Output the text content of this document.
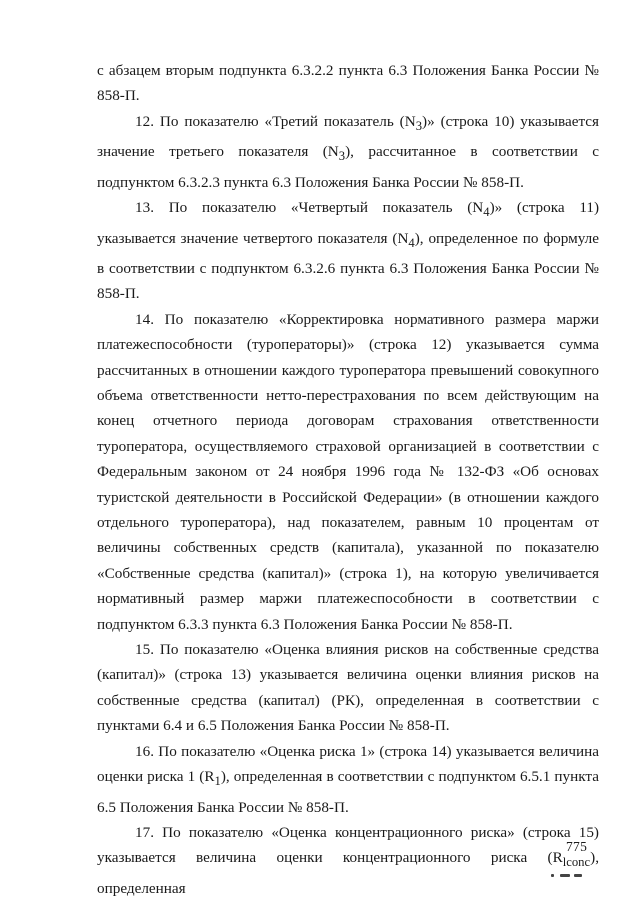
с абзацем вторым подпункта 6.3.2.2 пункта 6.3 Положения Банка России № 858-П.

12. По показателю «Третий показатель $(N_3)$» (строка 10) указывается значение третьего показателя $(N_3)$, рассчитанное в соответствии с подпунктом 6.3.2.3 пункта 6.3 Положения Банка России № 858-П.

13. По показателю «Четвертый показатель $(N_4)$» (строка 11) указывается значение четвертого показателя $(N_4)$, определенное по формуле в соответствии с подпунктом 6.3.2.6 пункта 6.3 Положения Банка России № 858-П.

14. По показателю «Корректировка нормативного размера маржи платежеспособности (туроператоры)» (строка 12) указывается сумма рассчитанных в отношении каждого туроператора превышений совокупного объема ответственности нетто-перестрахования по всем действующим на конец отчетного периода договорам страхования ответственности туроператора, осуществляемого страховой организацией в соответствии с Федеральным законом от 24 ноября 1996 года № 132-ФЗ «Об основах туристской деятельности в Российской Федерации» (в отношении каждого отдельного туроператора), над показателем, равным 10 процентам от величины собственных средств (капитала), указанной по показателю «Собственные средства (капитал)» (строка 1), на которую увеличивается нормативный размер маржи платежеспособности в соответствии с подпунктом 6.3.3 пункта 6.3 Положения Банка России № 858-П.

15. По показателю «Оценка влияния рисков на собственные средства (капитал)» (строка 13) указывается величина оценки влияния рисков на собственные средства (капитал) (РК), определенная в соответствии с пунктами 6.4 и 6.5 Положения Банка России № 858-П.

16. По показателю «Оценка риска 1» (строка 14) указывается величина оценки риска 1 $(R_1)$, определенная в соответствии с подпунктом 6.5.1 пункта 6.5 Положения Банка России № 858-П.

17. По показателю «Оценка концентрационного риска» (строка 15) указывается величина оценки концентрационного риска $(R_{lconc})$, определенная

775
